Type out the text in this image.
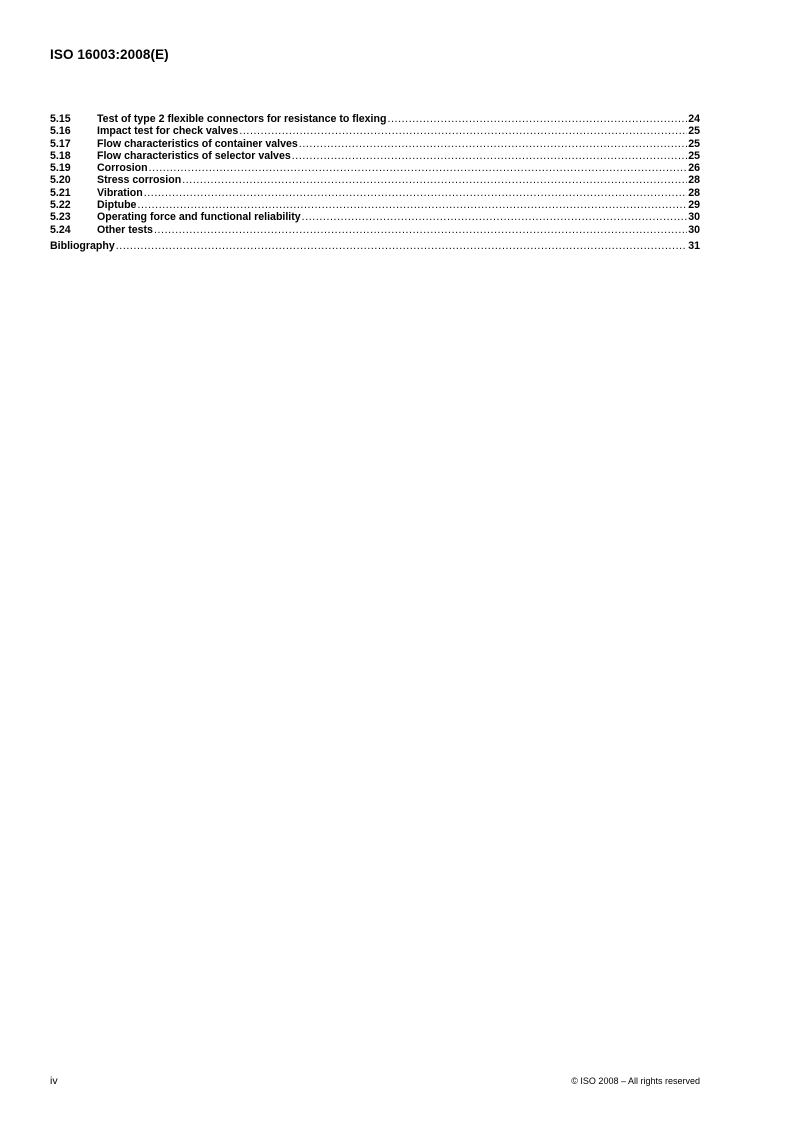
ISO 16003:2008(E)
5.15	Test of type 2 flexible connectors for resistance to flexing .....	24
5.16	Impact test for check valves .....	25
5.17	Flow characteristics of container valves .....	25
5.18	Flow characteristics of selector valves .....	25
5.19	Corrosion .....	26
5.20	Stress corrosion .....	28
5.21	Vibration .....	28
5.22	Diptube .....	29
5.23	Operating force and functional reliability .....	30
5.24	Other tests .....	30
Bibliography .....	31
iv	© ISO 2008 – All rights reserved
